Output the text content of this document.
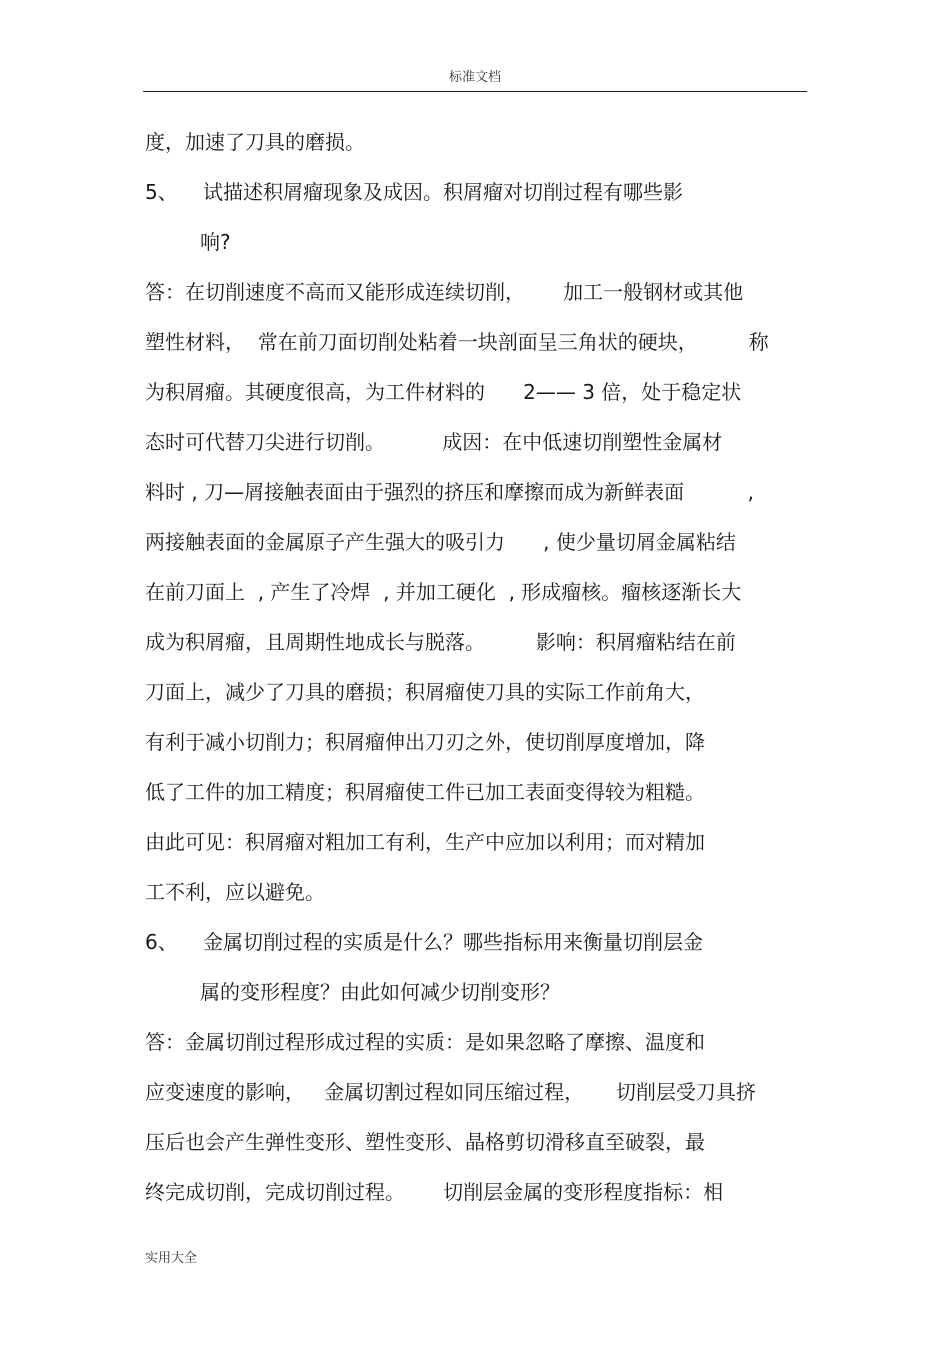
标准文档
度，加速了刀具的磨损。
5、 试描述积屑瘤现象及成因。积屑瘤对切削过程有哪些影
响?
答：在切削速度不高而又能形成连续切削，      加工一般钢材或其他
塑性材料，  常在前刀面切削处粘着一块剖面呈三角状的硬块，        称
为积屑瘤。其硬度很高，为工件材料的      2—— 3 倍，处于稳定状
态时可代替刀尖进行切削。         成因：在中低速切削塑性金属材
料时 , 刀—屑接触表面由于强烈的挤压和摩擦而成为新鲜表面          ,
两接触表面的金属原子产生强大的吸引力      , 使少量切屑金属粘结
在前刀面上  , 产生了冷焊  , 并加工硬化  , 形成瘤核。瘤核逐渐长大
成为积屑瘤，且周期性地成长与脱落。        影响：积屑瘤粘结在前
刀面上，减少了刀具的磨损；积屑瘤使刀具的实际工作前角大，
有利于减小切削力；积屑瘤伸出刀刃之外，使切削厚度增加，降
低了工件的加工精度；积屑瘤使工件已加工表面变得较为粗糙。
由此可见：积屑瘤对粗加工有利，生产中应加以利用；而对精加
工不利，应以避免。
6、 金属切削过程的实质是什么？哪些指标用来衡量切削层金
属的变形程度？由此如何减少切削变形？
答：金属切削过程形成过程的实质：是如果忽略了摩擦、温度和
应变速度的影响，   金属切割过程如同压缩过程，     切削层受刀具挤
压后也会产生弹性变形、塑性变形、晶格剪切滑移直至破裂，最
终完成切削，完成切削过程。      切削层金属的变形程度指标：相
实用大全
